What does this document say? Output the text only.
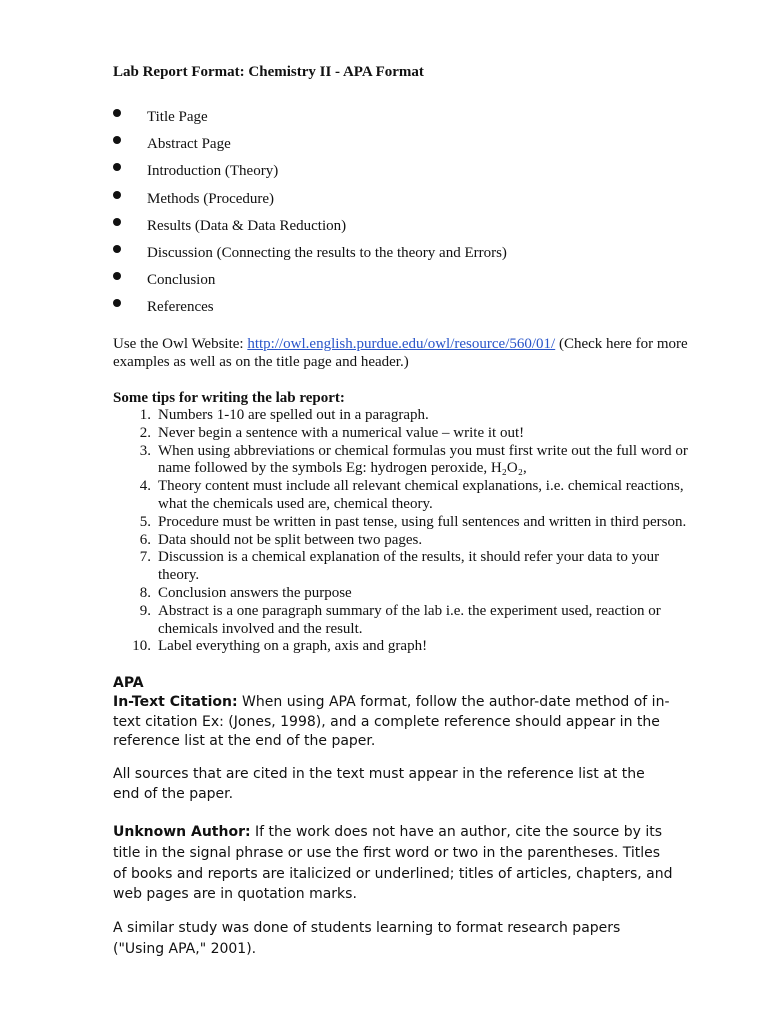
Lab Report Format: Chemistry II - APA Format
Title Page
Abstract Page
Introduction (Theory)
Methods (Procedure)
Results (Data & Data Reduction)
Discussion (Connecting the results to the theory and Errors)
Conclusion
References
Use the Owl Website: http://owl.english.purdue.edu/owl/resource/560/01/ (Check here for more examples as well as on the title page and header.)
Some tips for writing the lab report:
1. Numbers 1-10 are spelled out in a paragraph.
2. Never begin a sentence with a numerical value – write it out!
3. When using abbreviations or chemical formulas you must first write out the full word or name followed by the symbols Eg: hydrogen peroxide, H₂O₂,
4. Theory content must include all relevant chemical explanations, i.e. chemical reactions, what the chemicals used are, chemical theory.
5. Procedure must be written in past tense, using full sentences and written in third person.
6. Data should not be split between two pages.
7. Discussion is a chemical explanation of the results, it should refer your data to your theory.
8. Conclusion answers the purpose
9. Abstract is a one paragraph summary of the lab i.e. the experiment used, reaction or chemicals involved and the result.
10. Label everything on a graph, axis and graph!
APA
In-Text Citation: When using APA format, follow the author-date method of in-text citation Ex: (Jones, 1998), and a complete reference should appear in the reference list at the end of the paper.
All sources that are cited in the text must appear in the reference list at the end of the paper.
Unknown Author: If the work does not have an author, cite the source by its title in the signal phrase or use the first word or two in the parentheses. Titles of books and reports are italicized or underlined; titles of articles, chapters, and web pages are in quotation marks.
A similar study was done of students learning to format research papers ("Using APA," 2001).
